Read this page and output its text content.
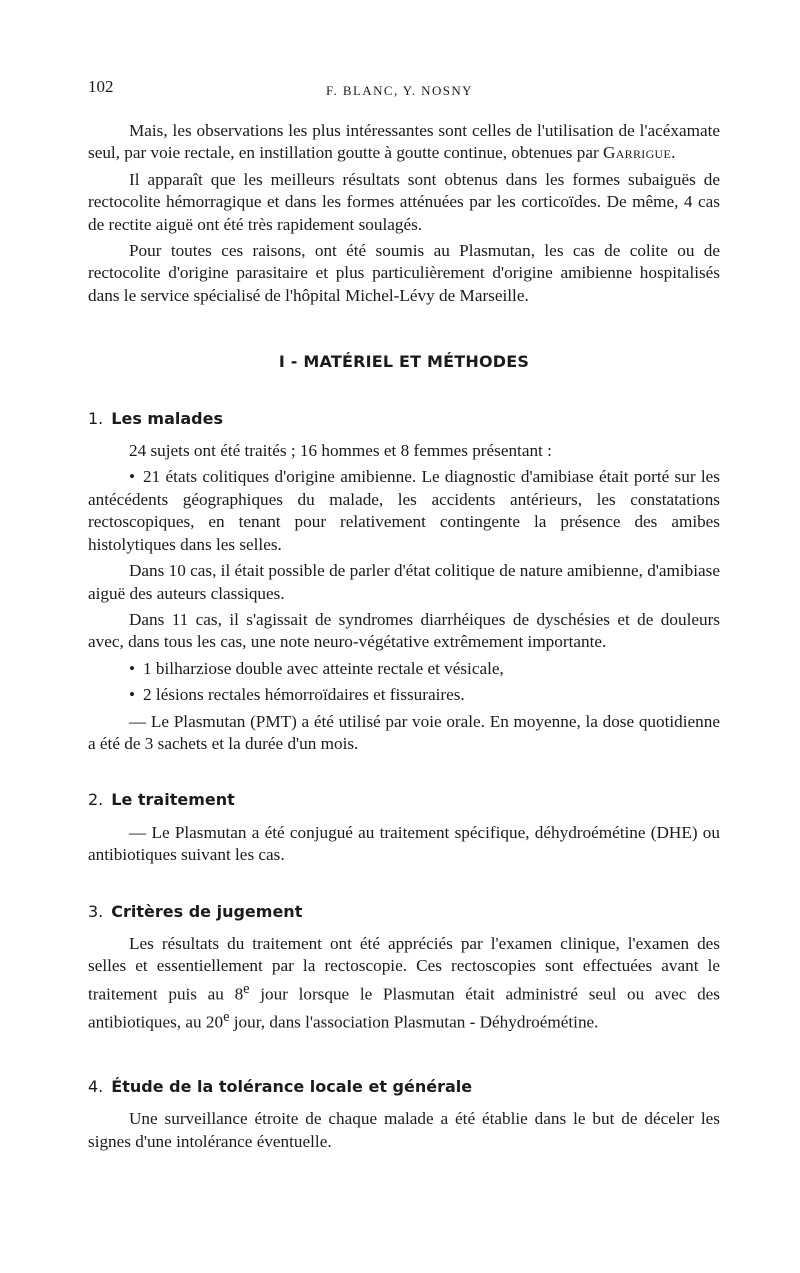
102	F. BLANC, Y. NOSNY

Mais, les observations les plus intéressantes sont celles de l'utilisation de l'acéxamate seul, par voie rectale, en instillation goutte à goutte continue, obtenues par Garrigue.

Il apparaît que les meilleurs résultats sont obtenus dans les formes subaiguës de rectocolite hémorragique et dans les formes atténuées par les corticoïdes. De même, 4 cas de rectite aiguë ont été très rapidement soulagés.

Pour toutes ces raisons, ont été soumis au Plasmutan, les cas de colite ou de rectocolite d'origine parasitaire et plus particulièrement d'origine amibienne hospitalisés dans le service spécialisé de l'hôpital Michel-Lévy de Marseille.

I - MATÉRIEL ET MÉTHODES
1. Les malades

24 sujets ont été traités ; 16 hommes et 8 femmes présentant :

• 21 états colitiques d'origine amibienne. Le diagnostic d'amibiase était porté sur les antécédents géographiques du malade, les accidents antérieurs, les constatations rectoscopiques, en tenant pour relativement contingente la présence des amibes histolytiques dans les selles.

Dans 10 cas, il était possible de parler d'état colitique de nature amibienne, d'amibiase aiguë des auteurs classiques.

Dans 11 cas, il s'agissait de syndromes diarrhéiques de dyschésies et de douleurs avec, dans tous les cas, une note neuro-végétative extrêmement importante.

• 1 bilharziose double avec atteinte rectale et vésicale,

• 2 lésions rectales hémorroïdaires et fissuraires.

— Le Plasmutan (PMT) a été utilisé par voie orale. En moyenne, la dose quotidienne a été de 3 sachets et la durée d'un mois.

2. Le traitement

— Le Plasmutan a été conjugué au traitement spécifique, déhydroémétine (DHE) ou antibiotiques suivant les cas.

3. Critères de jugement

Les résultats du traitement ont été appréciés par l'examen clinique, l'examen des selles et essentiellement par la rectoscopie. Ces rectoscopies sont effectuées avant le traitement puis au 8e jour lorsque le Plasmutan était administré seul ou avec des antibiotiques, au 20e jour, dans l'association Plasmutan - Déhydroémétine.

4. Étude de la tolérance locale et générale

Une surveillance étroite de chaque malade a été établie dans le but de déceler les signes d'une intolérance éventuelle.
